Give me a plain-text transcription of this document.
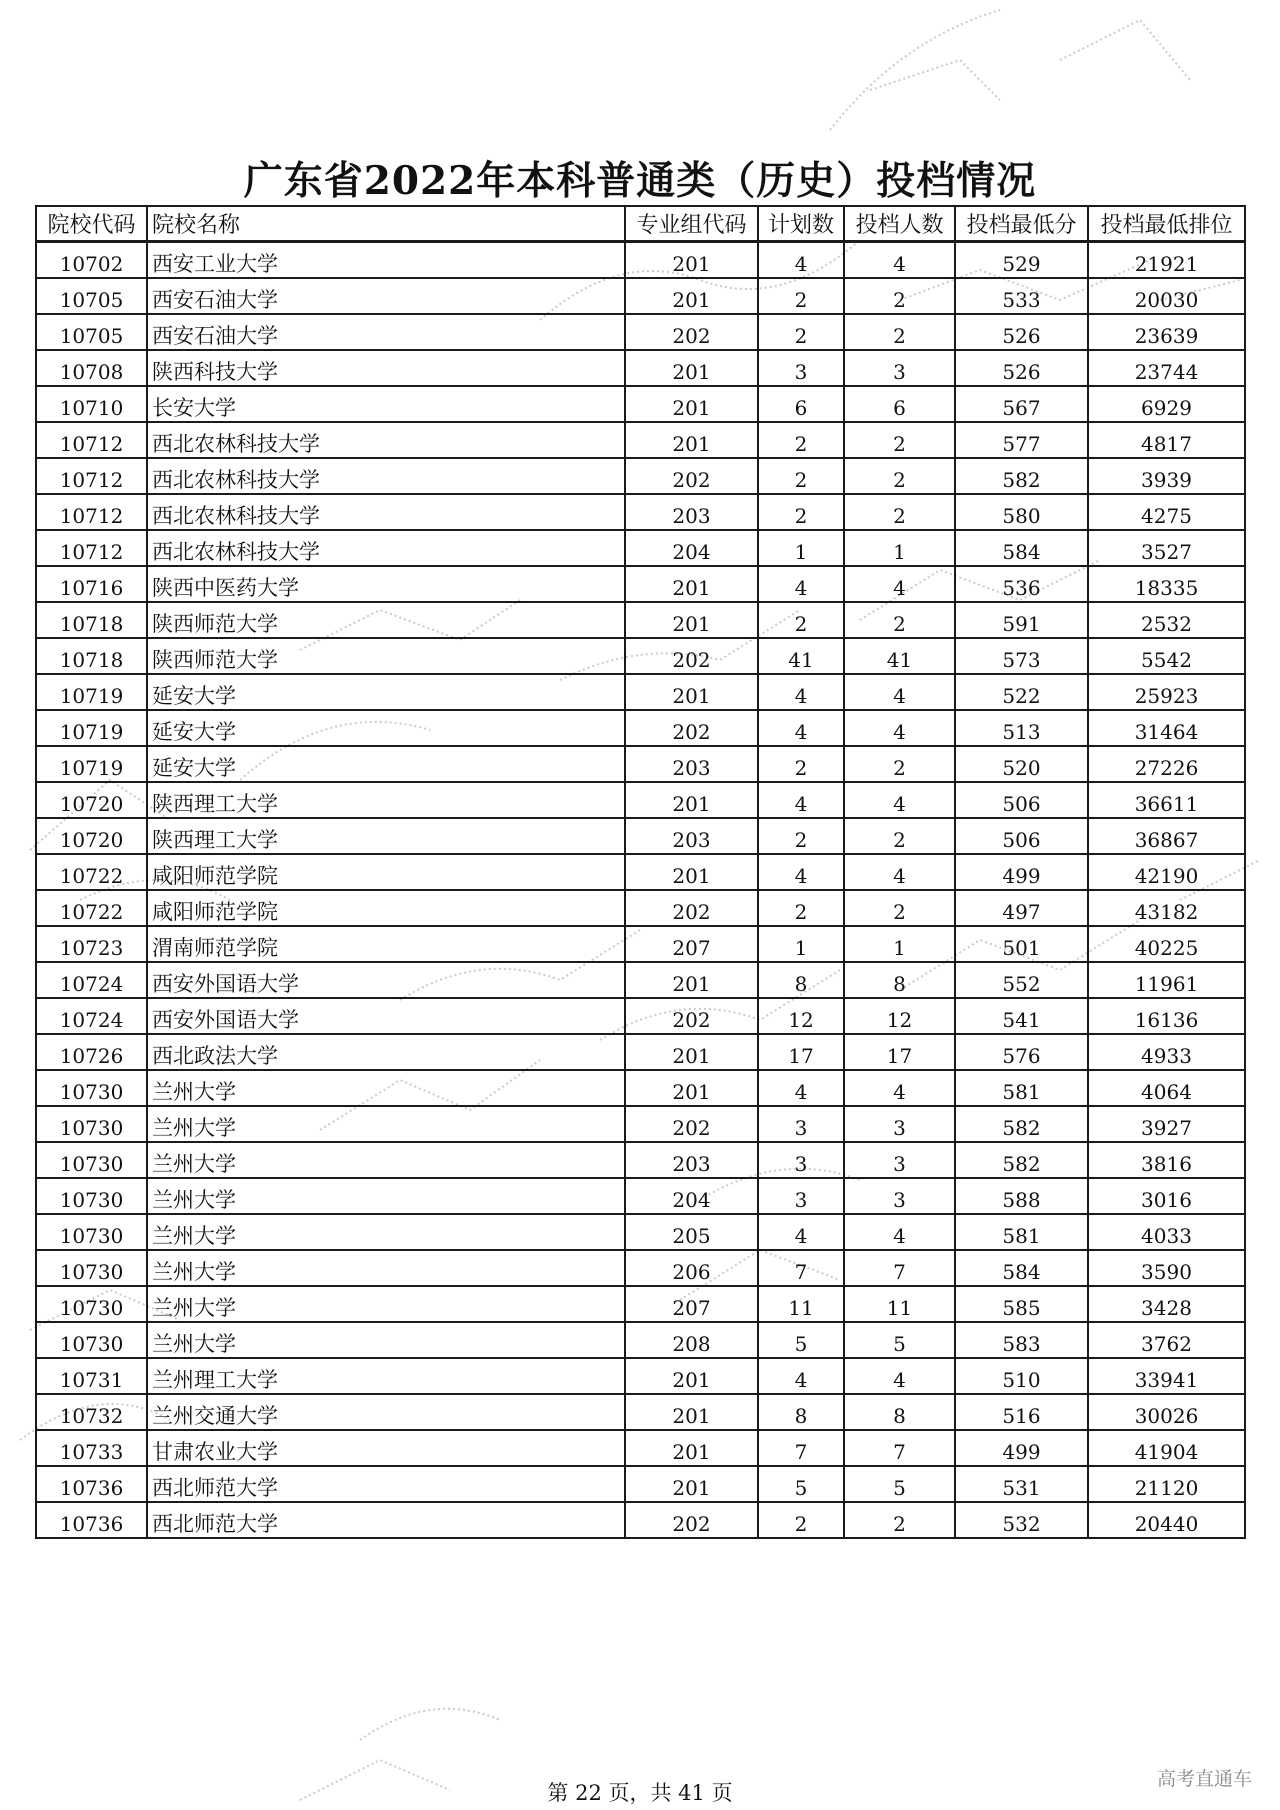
广东省2022年本科普通类（历史）投档情况
院校代码	院校名称	专业组代码	计划数	投档人数	投档最低分	投档最低排位
10702	西安工业大学	201	4	4	529	21921
10705	西安石油大学	201	2	2	533	20030
10705	西安石油大学	202	2	2	526	23639
10708	陕西科技大学	201	3	3	526	23744
10710	长安大学	201	6	6	567	6929
10712	西北农林科技大学	201	2	2	577	4817
10712	西北农林科技大学	202	2	2	582	3939
10712	西北农林科技大学	203	2	2	580	4275
10712	西北农林科技大学	204	1	1	584	3527
10716	陕西中医药大学	201	4	4	536	18335
10718	陕西师范大学	201	2	2	591	2532
10718	陕西师范大学	202	41	41	573	5542
10719	延安大学	201	4	4	522	25923
10719	延安大学	202	4	4	513	31464
10719	延安大学	203	2	2	520	27226
10720	陕西理工大学	201	4	4	506	36611
10720	陕西理工大学	203	2	2	506	36867
10722	咸阳师范学院	201	4	4	499	42190
10722	咸阳师范学院	202	2	2	497	43182
10723	渭南师范学院	207	1	1	501	40225
10724	西安外国语大学	201	8	8	552	11961
10724	西安外国语大学	202	12	12	541	16136
10726	西北政法大学	201	17	17	576	4933
10730	兰州大学	201	4	4	581	4064
10730	兰州大学	202	3	3	582	3927
10730	兰州大学	203	3	3	582	3816
10730	兰州大学	204	3	3	588	3016
10730	兰州大学	205	4	4	581	4033
10730	兰州大学	206	7	7	584	3590
10730	兰州大学	207	11	11	585	3428
10730	兰州大学	208	5	5	583	3762
10731	兰州理工大学	201	4	4	510	33941
10732	兰州交通大学	201	8	8	516	30026
10733	甘肃农业大学	201	7	7	499	41904
10736	西北师范大学	201	5	5	531	21120
10736	西北师范大学	202	2	2	532	20440
第 22 页，共 41 页
高考直通车
